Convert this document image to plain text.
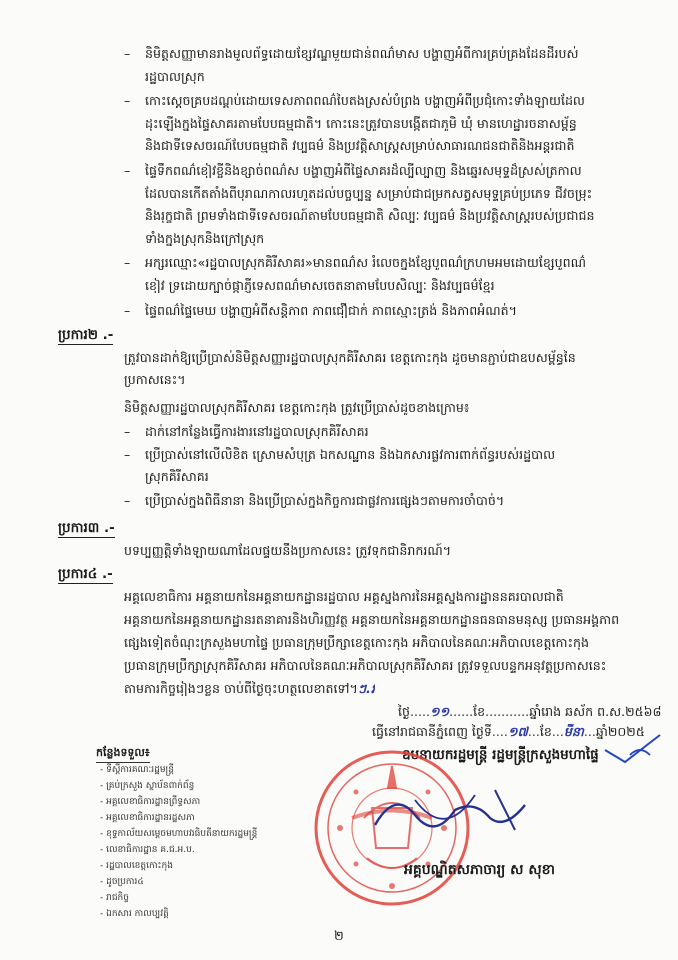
– និមិត្តសញ្ញាមានរាងមូលព័ទ្ធដោយខ្សែវណ្ឌមួយជាន់ពណ៌មាស បង្ហាញអំពីការគ្រប់គ្រងដែនដីរបស់
រដ្ឋបាលស្រុក
– កោះស្តេចគ្របដណ្តប់ដោយទេសភាពពណ៌បៃតងស្រស់បំព្រង បង្ហាញអំពីប្រជុំកោះទាំងឡាយដែល
ដុះឡើងក្នុងផ្ទៃសាគរតាមបែបធម្មជាតិ។ កោះនេះត្រូវបានបង្កើតជាភូមិ ឃុំ មានហេដ្ឋារចនាសម្ព័ន្ធ
និងជាទីទេសចរណ៍បែបធម្មជាតិ វប្បធម៌ និងប្រវត្តិសាស្ត្រសម្រាប់សាធារណជនជាតិនិងអន្តរជាតិ
– ផ្ទៃទឹកពណ៌ខៀវខ្ចីនិងខ្សាច់ពណ៌ស បង្ហាញអំពីផ្ទៃសាគរដ៏ល្បីល្បាញ និងឆ្នេរសមុទ្ទដ៏ស្រស់ត្រកាល
ដែលបានកើតតាំងពីបុរាណកាលរហូតដល់បច្ចុប្បន្ន សម្រាប់ជាជម្រកសត្វសមុទ្ទគ្រប់ប្រភេទ ជីវចម្រុះ
និងរុក្ខជាតិ ព្រមទាំងជាទីទេសចរណ៍តាមបែបធម្មជាតិ សិល្បៈ វប្បធម៌ និងប្រវត្តិសាស្ត្ររបស់ប្រជាជន
ទាំងក្នុងស្រុកនិងក្រៅស្រុក
– អក្សរឈ្មោះ«រដ្ឋបាលស្រុកគិរីសាគរ»មានពណ៌ស រំលេចក្នុងខ្សែបូពណ៌ក្រហមអមដោយខ្សែបូពណ៌
ខៀវ ទ្រដោយក្បាច់ផ្កាភ្ញីទេសពណ៌មាសចេតនាតាមបែបសិល្បៈ និងវប្បធម៌ខ្មែរ
– ផ្ទៃពណ៌ផ្ទៃមេឃ បង្ហាញអំពីសន្តិភាព ភាពជឿជាក់ ភាពស្មោះត្រង់ និងភាពអំណត់។
ប្រការ២ .-
ត្រូវបានដាក់ឱ្យប្រើប្រាស់និមិត្តសញ្ញារដ្ឋបាលស្រុកគិរីសាគរ ខេត្តកោះកុង ដូចមានភ្ជាប់ជាឧបសម្ព័ន្ធនៃ
ប្រកាសនេះ។
និមិត្តសញ្ញារដ្ឋបាលស្រុកគិរីសាគរ ខេត្តកោះកុង ត្រូវប្រើប្រាស់ដូចខាងក្រោម៖
– ដាក់នៅកន្លែងធ្វើការងារនៅរដ្ឋបាលស្រុកគិរីសាគរ
– ប្រើប្រាស់នៅលើលិខិត ស្រោមសំបុត្រ ឯកសណ្ឋាន និងឯកសារផ្លូវការពាក់ព័ន្ធរបស់រដ្ឋបាល
ស្រុកគិរីសាគរ
– ប្រើប្រាស់ក្នុងពិធីនានា និងប្រើប្រាស់ក្នុងកិច្ចការជាផ្លូវការផ្សេងៗតាមការចាំបាច់។
ប្រការ៣ .-
បទប្បញ្ញត្តិទាំងឡាយណាដែលផ្ទុយនឹងប្រកាសនេះ ត្រូវទុកជានិរាករណ៍។
ប្រការ៤ .-
អគ្គលេខាធិការ អគ្គនាយកនៃអគ្គនាយកដ្ឋានរដ្ឋបាល អគ្គស្នងការនៃអគ្គស្នងការដ្ឋាននគរបាលជាតិ
អគ្គនាយកនៃអគ្គនាយកដ្ឋានរតនាគារនិងហិរញ្ញវត្ថុ អគ្គនាយកនៃអគ្គនាយកដ្ឋានធនធានមនុស្ស ប្រធានអង្គភាព
ផ្សេងទៀតចំណុះក្រសួងមហាផ្ទៃ ប្រធានក្រុមប្រឹក្សាខេត្តកោះកុង អភិបាលនៃគណៈអភិបាលខេត្តកោះកុង
ប្រធានក្រុមប្រឹក្សាស្រុកគិរីសាគរ អភិបាលនៃគណៈអភិបាលស្រុកគិរីសាគរ ត្រូវទទួលបន្ទុកអនុវត្តប្រកាសនេះ
តាមភារកិច្ចរៀងៗខ្លួន ចាប់ពីថ្ងៃចុះហត្ថលេខាតទៅ។ៗ.វ
ថ្ងៃ.....១១......ខែ...........ឆ្នាំរោង ឆស័ក ព.ស.២៥៦៨
ធ្វើនៅរាជធានីភ្នំពេញ ថ្ងៃទី....១៧...ខែ...មីនា...ឆ្នាំ២០២៥
ឧបនាយករដ្ឋមន្ត្រី រដ្ឋមន្ត្រីក្រសួងមហាផ្ទៃ
អគ្គបណ្ឌិតសភាចារ្យ ស សុខា
កន្លែងទទួល៖
- ទីស្តីការគណៈរដ្ឋមន្ត្រី
- គ្រប់ក្រសួង ស្ថាប័នពាក់ព័ន្ធ
- អគ្គលេខាធិការដ្ឋានព្រឹទ្ធសភា
- អគ្គលេខាធិការដ្ឋានរដ្ឋសភា
- ខុទ្ទកាល័យសម្ដេចមហាបវរធិបតីនាយករដ្ឋមន្ត្រី
- លេខាធិការដ្ឋាន គ.ជ.អ.ប.
- រដ្ឋបាលខេត្តកោះកុង
- ដូចប្រការ៤
- រាជកិច្ច
- ឯកសារ កាលប្បវត្តិ
២
